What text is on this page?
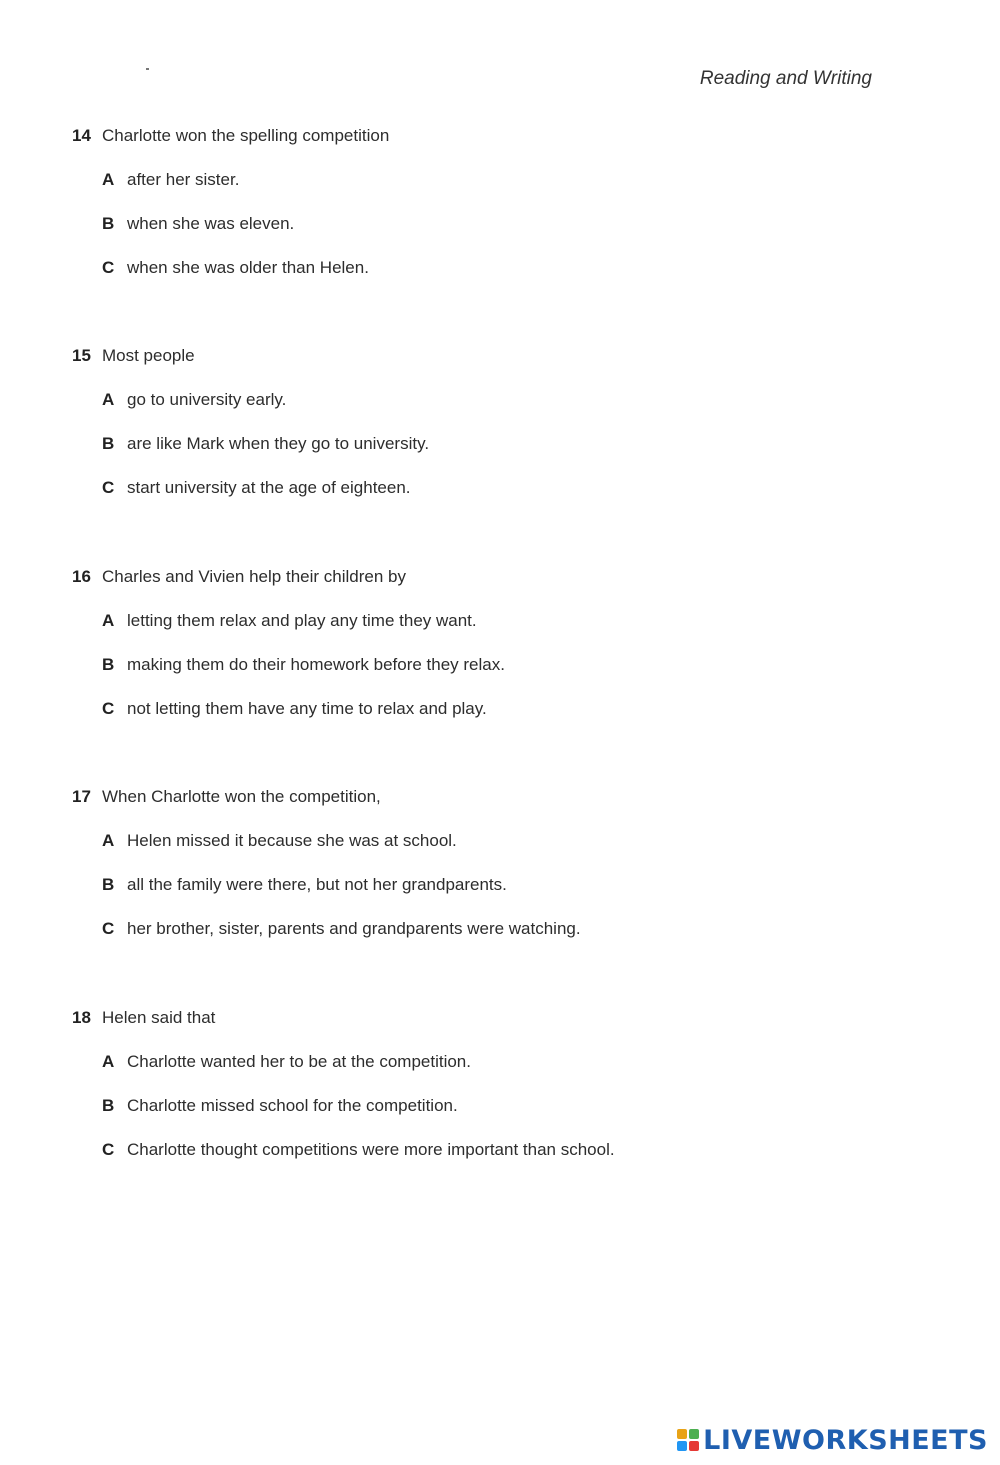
Reading and Writing
14 Charlotte won the spelling competition
A after her sister.
B when she was eleven.
C when she was older than Helen.
15 Most people
A go to university early.
B are like Mark when they go to university.
C start university at the age of eighteen.
16 Charles and Vivien help their children by
A letting them relax and play any time they want.
B making them do their homework before they relax.
C not letting them have any time to relax and play.
17 When Charlotte won the competition,
A Helen missed it because she was at school.
B all the family were there, but not her grandparents.
C her brother, sister, parents and grandparents were watching.
18 Helen said that
A Charlotte wanted her to be at the competition.
B Charlotte missed school for the competition.
C Charlotte thought competitions were more important than school.
LIVEWORKSHEETS
